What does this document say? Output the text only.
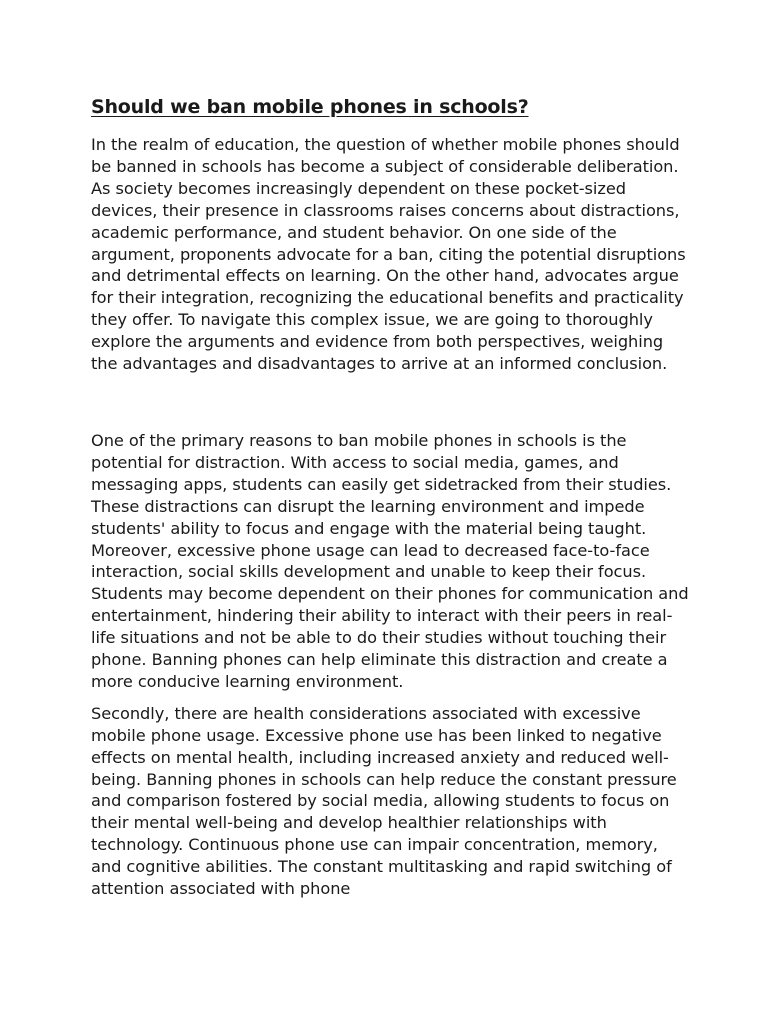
Should we ban mobile phones in schools?

In the realm of education, the question of whether mobile phones should be banned in schools has become a subject of considerable deliberation. As society becomes increasingly dependent on these pocket-sized devices, their presence in classrooms raises concerns about distractions, academic performance, and student behavior. On one side of the argument, proponents advocate for a ban, citing the potential disruptions and detrimental effects on learning. On the other hand, advocates argue for their integration, recognizing the educational benefits and practicality they offer. To navigate this complex issue, we are going to thoroughly explore the arguments and evidence from both perspectives, weighing the advantages and disadvantages to arrive at an informed conclusion.

One of the primary reasons to ban mobile phones in schools is the potential for distraction. With access to social media, games, and messaging apps, students can easily get sidetracked from their studies. These distractions can disrupt the learning environment and impede students' ability to focus and engage with the material being taught. Moreover, excessive phone usage can lead to decreased face-to-face interaction, social skills development and unable to keep their focus. Students may become dependent on their phones for communication and entertainment, hindering their ability to interact with their peers in real-life situations and not be able to do their studies without touching their phone. Banning phones can help eliminate this distraction and create a more conducive learning environment.

Secondly, there are health considerations associated with excessive mobile phone usage. Excessive phone use has been linked to negative effects on mental health, including increased anxiety and reduced well-being. Banning phones in schools can help reduce the constant pressure and comparison fostered by social media, allowing students to focus on their mental well-being and develop healthier relationships with technology. Continuous phone use can impair concentration, memory, and cognitive abilities. The constant multitasking and rapid switching of attention associated with phone
